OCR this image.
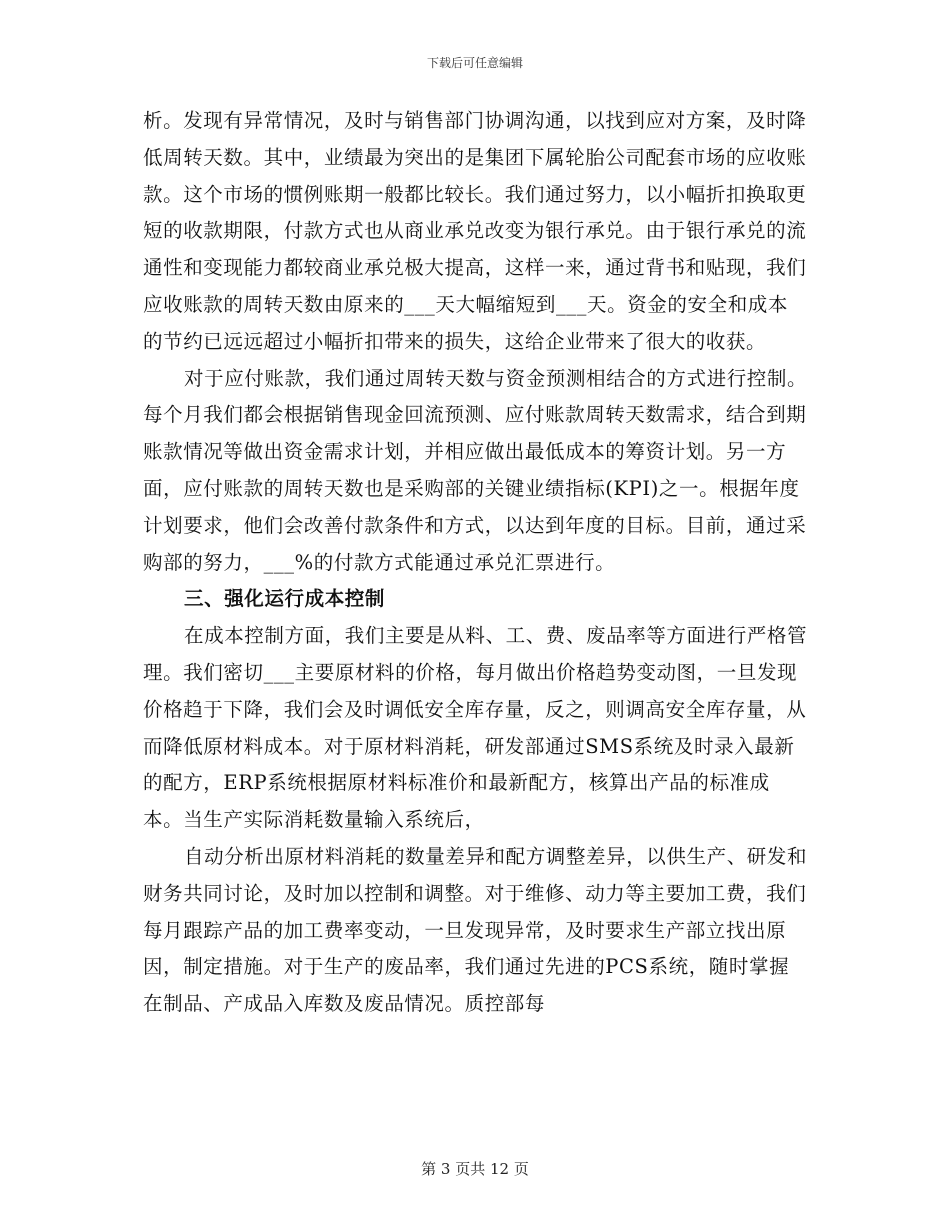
下载后可任意编辑

析。发现有异常情况，及时与销售部门协调沟通，以找到应对方案，及时降低周转天数。其中，业绩最为突出的是集团下属轮胎公司配套市场的应收账款。这个市场的惯例账期一般都比较长。我们通过努力，以小幅折扣换取更短的收款期限，付款方式也从商业承兑改变为银行承兑。由于银行承兑的流通性和变现能力都较商业承兑极大提高，这样一来，通过背书和贴现，我们应收账款的周转天数由原来的___天大幅缩短到___天。资金的安全和成本的节约已远远超过小幅折扣带来的损失，这给企业带来了很大的收获。

对于应付账款，我们通过周转天数与资金预测相结合的方式进行控制。每个月我们都会根据销售现金回流预测、应付账款周转天数需求，结合到期账款情况等做出资金需求计划，并相应做出最低成本的筹资计划。另一方面，应付账款的周转天数也是采购部的关键业绩指标(KPI)之一。根据年度计划要求，他们会改善付款条件和方式，以达到年度的目标。目前，通过采购部的努力，___%的付款方式能通过承兑汇票进行。

三、强化运行成本控制

在成本控制方面，我们主要是从料、工、费、废品率等方面进行严格管理。我们密切___主要原材料的价格，每月做出价格趋势变动图，一旦发现价格趋于下降，我们会及时调低安全库存量，反之，则调高安全库存量，从而降低原材料成本。对于原材料消耗，研发部通过SMS系统及时录入最新的配方，ERP系统根据原材料标准价和最新配方，核算出产品的标准成本。当生产实际消耗数量输入系统后，

自动分析出原材料消耗的数量差异和配方调整差异，以供生产、研发和财务共同讨论，及时加以控制和调整。对于维修、动力等主要加工费，我们每月跟踪产品的加工费率变动，一旦发现异常，及时要求生产部立找出原因，制定措施。对于生产的废品率，我们通过先进的PCS系统，随时掌握在制品、产成品入库数及废品情况。质控部每

第 3 页共 12 页
